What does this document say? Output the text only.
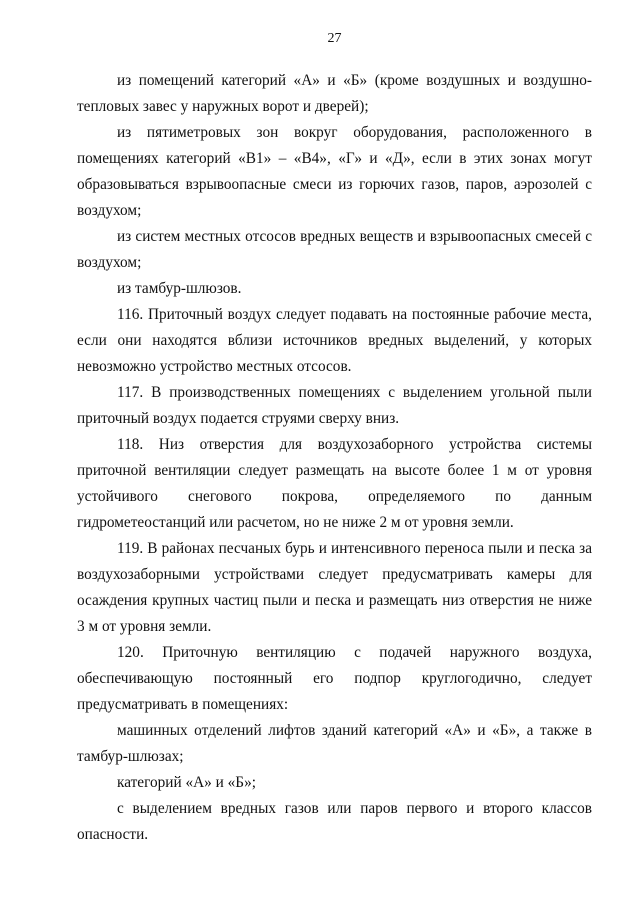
27

из помещений категорий «А» и «Б» (кроме воздушных и воздушно-тепловых завес у наружных ворот и дверей);

из пятиметровых зон вокруг оборудования, расположенного в помещениях категорий «В1» – «В4», «Г» и «Д», если в этих зонах могут образовываться взрывоопасные смеси из горючих газов, паров, аэрозолей с воздухом;

из систем местных отсосов вредных веществ и взрывоопасных смесей с воздухом;

из тамбур-шлюзов.

116. Приточный воздух следует подавать на постоянные рабочие места, если они находятся вблизи источников вредных выделений, у которых невозможно устройство местных отсосов.

117. В производственных помещениях с выделением угольной пыли приточный воздух подается струями сверху вниз.

118. Низ отверстия для воздухозаборного устройства системы приточной вентиляции следует размещать на высоте более 1 м от уровня устойчивого снегового покрова, определяемого по данным гидрометеостанций или расчетом, но не ниже 2 м от уровня земли.

119. В районах песчаных бурь и интенсивного переноса пыли и песка за воздухозаборными устройствами следует предусматривать камеры для осаждения крупных частиц пыли и песка и размещать низ отверстия не ниже 3 м от уровня земли.

120. Приточную вентиляцию с подачей наружного воздуха, обеспечивающую постоянный его подпор круглогодично, следует предусматривать в помещениях:

машинных отделений лифтов зданий категорий «А» и «Б», а также в тамбур-шлюзах;

категорий «А» и «Б»;

с выделением вредных газов или паров первого и второго классов опасности.
